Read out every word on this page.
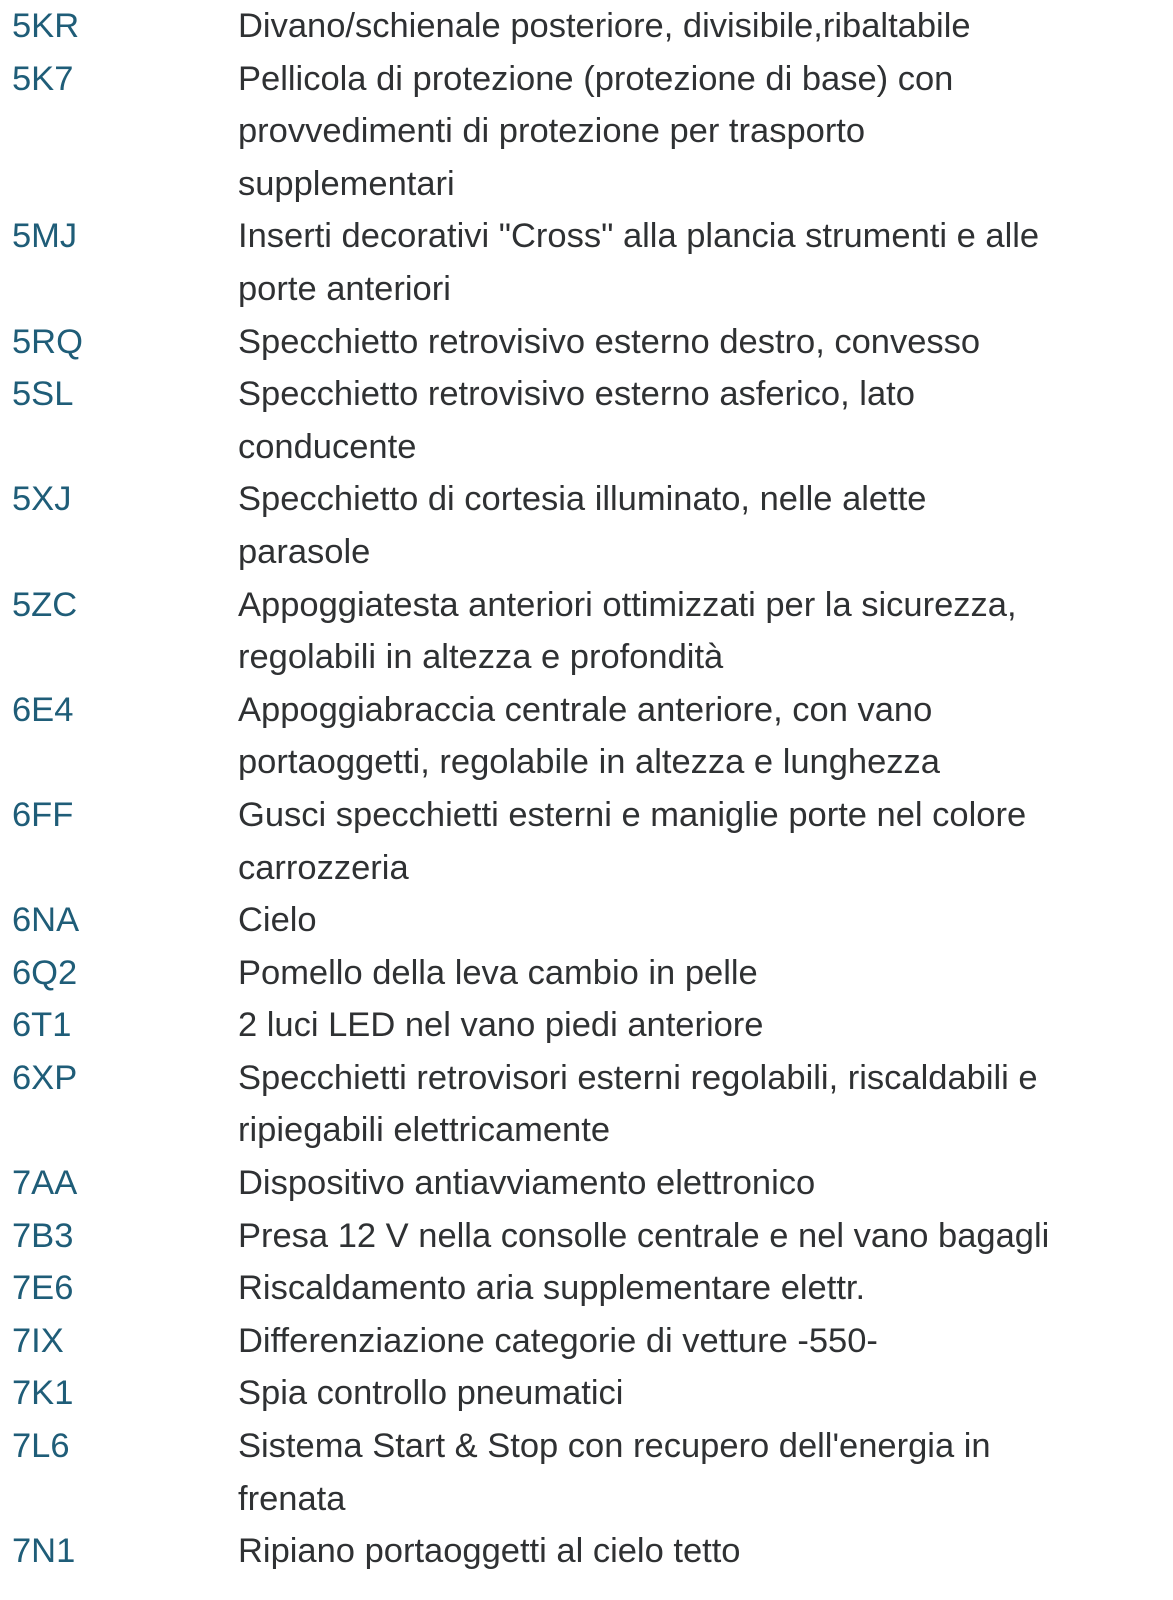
5KR	Divano/schienale posteriore, divisibile,ribaltabile
5K7	Pellicola di protezione (protezione di base) con
provvedimenti di protezione per trasporto
supplementari
5MJ	Inserti decorativi "Cross" alla plancia strumenti e alle
porte anteriori
5RQ	Specchietto retrovisivo esterno destro, convesso
5SL	Specchietto retrovisivo esterno asferico, lato
conducente
5XJ	Specchietto di cortesia illuminato, nelle alette
parasole
5ZC	Appoggiatesta anteriori ottimizzati per la sicurezza,
regolabili in altezza e profondità
6E4	Appoggiabraccia centrale anteriore, con vano
portaoggetti, regolabile in altezza e lunghezza
6FF	Gusci specchietti esterni e maniglie porte nel colore
carrozzeria
6NA	Cielo
6Q2	Pomello della leva cambio in pelle
6T1	2 luci LED nel vano piedi anteriore
6XP	Specchietti retrovisori esterni regolabili, riscaldabili e
ripiegabili elettricamente
7AA	Dispositivo antiavviamento elettronico
7B3	Presa 12 V nella consolle centrale e nel vano bagagli
7E6	Riscaldamento aria supplementare elettr.
7IX	Differenziazione categorie di vetture -550-
7K1	Spia controllo pneumatici
7L6	Sistema Start & Stop con recupero dell'energia in
frenata
7N1	Ripiano portaoggetti al cielo tetto
